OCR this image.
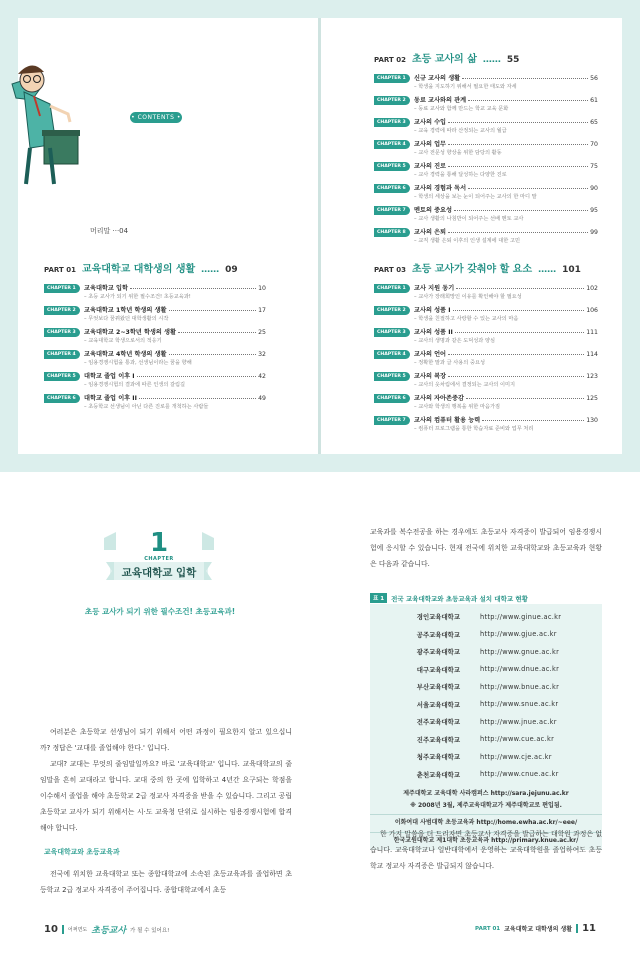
• CONTENTS •
머리말 ···04
PART 01 교육대학교 대학생의 생활 …… 09
CHAPTER 1	교육대학교 입학	10
– 초등 교사가 되기 위한 필수조건! 초등교육과!
CHAPTER 2	교육대학교 1학년 학생의 생활	17
– 무엇보다 꿈꿔왔던 대학생활의 시작
CHAPTER 3	교육대학교 2~3학년 학생의 생활	25
– 교육대학교 학생으로서의 적응기
CHAPTER 4	교육대학교 4학년 학생의 생활	32
– 임용경쟁시험을 통과, 선생님이라는 꿈을 향해
CHAPTER 5	대학교 졸업 이후 I	42
– 임용경쟁시험의 결과에 따른 인생의 갈림길
CHAPTER 6	대학교 졸업 이후 II	49
– 초등학교 선생님이 아닌 다른 진로를 개척하는 사람들
PART 02 초등 교사의 삶 …… 55
CHAPTER 1	신규 교사의 생활	56
– 학생을 지도하기 위해서 필요한 태도와 자세
CHAPTER 2	동료 교사와의 관계	61
– 동료 교사와 함께 만드는 학교 교육 문화
CHAPTER 3	교사의 수입	65
– 교육 경력에 따라 산정되는 교사의 월급
CHAPTER 4	교사의 업무	70
– 교사 전문성 향상을 위한 담당의 활동
CHAPTER 5	교사의 진로	75
– 교사 경력을 통해 달성하는 다양한 진로
CHAPTER 6	교사의 경험과 독서	90
– 학생의 세상을 보는 눈이 되어주는 교사의 한 마디 말
CHAPTER 7	멘토의 중요성	95
– 교사 생활의 나침반이 되어주는 선배 멘토 교사
CHAPTER 8	교사의 은퇴	99
– 교직 생활 은퇴 이후의 인생 설계에 대한 고민
PART 03 초등 교사가 갖춰야 할 요소 …… 101
CHAPTER 1	교사 지원 동기	102
– 교사가 장래희망인 이유를 확인해야 할 필요성
CHAPTER 2	교사의 성품 I	106
– 학생을 친절하고 사랑할 수 있는 교사의 마음
CHAPTER 3	교사의 성품 II	111
– 교사의 생명과 같은 도덕성과 양심
CHAPTER 4	교사의 언어	114
– 정확한 말과 글 사용의 중요성
CHAPTER 5	교사의 복장	123
– 교사의 옷차림에서 결정되는 교사의 이미지
CHAPTER 6	교사의 자아존중감	125
– 교사와 학생의 행복을 위한 마음가짐
CHAPTER 7	교사의 컴퓨터 활용 능력	130
– 컴퓨터 프로그램을 통한 학습자료 준비와 업무 처리
1
CHAPTER
교육대학교 입학
초등 교사가 되기 위한 필수조건! 초등교육과!

여러분은 초등학교 선생님이 되기 위해서 어떤 과정이 필요한지 알고 있으십니까? 정답은 '교대를 졸업해야 한다.' 입니다.

교대? 교대는 무엇의 줄임말일까요? 바로 '교육대학교' 입니다. 교육대학교의 줄임말을 흔히 교대라고 합니다. 교대 중의 한 곳에 입학하고 4년간 요구되는 학점을 이수해서 졸업을 해야 초등학교 2급 정교사 자격증을 받을 수 있습니다. 그리고 공립 초등학교 교사가 되기 위해서는 시·도 교육청 단위로 실시하는 임용경쟁시험에 합격해야 합니다.

교육대학교와 초등교육과

전국에 위치한 교육대학교 또는 종합대학교에 소속된 초등교육과를 졸업하면 초등학교 2급 정교사 자격증이 주어집니다. 종합대학교에서 초등

교육과를 복수전공을 하는 경우에도 초등교사 자격증이 발급되어 임용경쟁시험에 응시할 수 있습니다. 현재 전국에 위치한 교육대학교와 초등교육과 현황은 다음과 같습니다.

표 1	전국 교육대학교와 초등교육과 설치 대학교 현황
경인교육대학교	http://www.ginue.ac.kr
공주교육대학교	http://www.gjue.ac.kr
광주교육대학교	http://www.gnue.ac.kr
대구교육대학교	http://www.dnue.ac.kr
부산교육대학교	http://www.bnue.ac.kr
서울교육대학교	http://www.snue.ac.kr
전주교육대학교	http://www.jnue.ac.kr
진주교육대학교	http://www.cue.ac.kr
청주교육대학교	http://www.cje.ac.kr
춘천교육대학교	http://www.cnue.ac.kr
제주대학교 교육대학 사라캠퍼스 http://sara.jejunu.ac.kr
※ 2008년 3월, 제주교육대학교가 제주대학교로 편입됨.
이화여대 사범대학 초등교육과 http://home.ewha.ac.kr/~eee/
한국교원대학교 제1대학 초등교육과 http://primary.knue.ac.kr/

한 가지 말씀을 더 드리자면 초등교사 자격증을 발급하는 대학원 과정은 없습니다. 교육대학교나 일반대학에서 운영하는 교육대학원을 졸업하여도 초등학교 정교사 자격증은 발급되지 않습니다.

10 어쩌면도 초등교사 가 될 수 있어요!	PART 01 교육대학교 대학생의 생활 11
